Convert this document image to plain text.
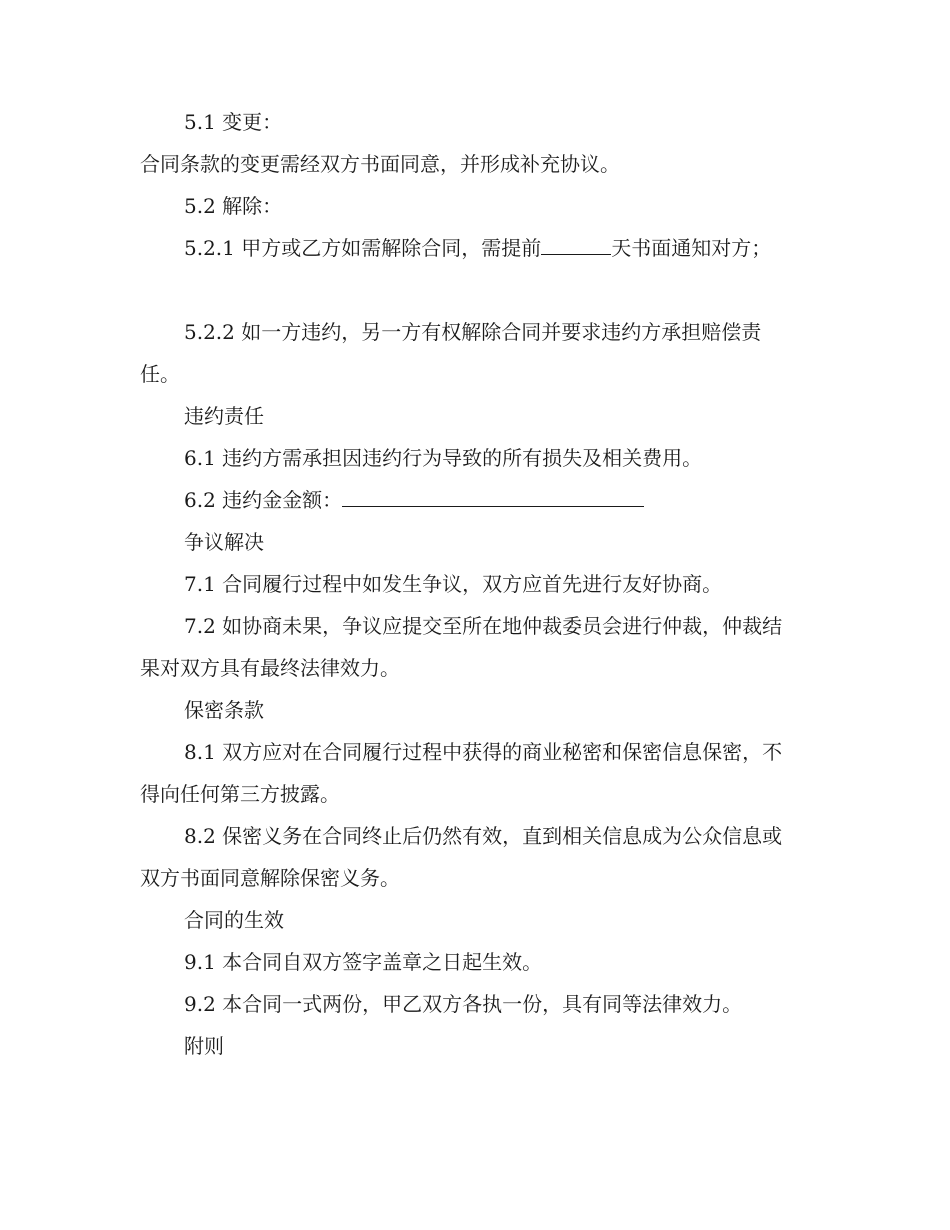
5.1 变更：

合同条款的变更需经双方书面同意，并形成补充协议。

5.2 解除：

5.2.1 甲方或乙方如需解除合同，需提前	天书面通知对方；

5.2.2 如一方违约，另一方有权解除合同并要求违约方承担赔偿责任。

违约责任

6.1 违约方需承担因违约行为导致的所有损失及相关费用。

6.2 违约金金额：

争议解决

7.1 合同履行过程中如发生争议，双方应首先进行友好协商。

7.2 如协商未果，争议应提交至所在地仲裁委员会进行仲裁，仲裁结果对双方具有最终法律效力。

保密条款

8.1 双方应对在合同履行过程中获得的商业秘密和保密信息保密，不得向任何第三方披露。

8.2 保密义务在合同终止后仍然有效，直到相关信息成为公众信息或双方书面同意解除保密义务。

合同的生效

9.1 本合同自双方签字盖章之日起生效。

9.2 本合同一式两份，甲乙双方各执一份，具有同等法律效力。

附则
